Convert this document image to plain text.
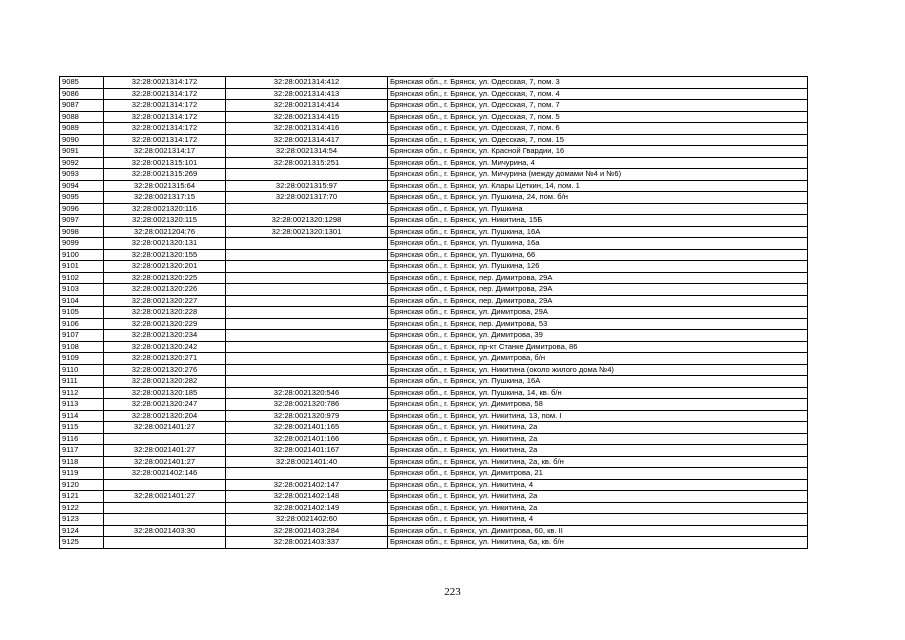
9085	32:28:0021314:172	32:28:0021314:412	Брянская обл., г. Брянск, ул. Одесская, 7, пом. 3
9086	32:28:0021314:172	32:28:0021314:413	Брянская обл., г. Брянск, ул. Одесская, 7, пом. 4
9087	32:28:0021314:172	32:28:0021314:414	Брянская обл., г. Брянск, ул. Одесская, 7, пом. 7
9088	32:28:0021314:172	32:28:0021314:415	Брянская обл., г. Брянск, ул. Одесская, 7, пом. 5
9089	32:28:0021314:172	32:28:0021314:416	Брянская обл., г. Брянск, ул. Одесская, 7, пом. 6
9090	32:28:0021314:172	32:28:0021314:417	Брянская обл., г. Брянск, ул. Одесская, 7, пом. 15
9091	32:28:0021314:17	32:28:0021314:54	Брянская обл., г. Брянск, ул. Красной Гвардии, 16
9092	32:28:0021315:101	32:28:0021315:251	Брянская обл., г. Брянск, ул. Мичурина, 4
9093	32:28:0021315:269		Брянская обл., г. Брянск, ул. Мичурина (между домами №4 и №6)
9094	32:28:0021315:64	32:28:0021315:97	Брянская обл., г. Брянск, ул. Клары Цеткин, 14, пом. 1
9095	32:28:0021317:15	32:28:0021317:70	Брянская обл., г. Брянск, ул. Пушкина, 24, пом. б/н
9096	32:28:0021320:116		Брянская обл., г. Брянск, ул. Пушкина
9097	32:28:0021320:115	32:28:0021320:1298	Брянская обл., г. Брянск, ул. Никитина, 15Б
9098	32:28:0021204:76	32:28:0021320:1301	Брянская обл., г. Брянск, ул. Пушкина, 16А
9099	32:28:0021320:131		Брянская обл., г. Брянск, ул. Пушкина, 16а
9100	32:28:0021320:155		Брянская обл., г. Брянск, ул. Пушкина, 66
9101	32:28:0021320:201		Брянская обл., г. Брянск, ул. Пушкина, 126
9102	32:28:0021320:225		Брянская обл., г. Брянск, пер. Димитрова, 29А
9103	32:28:0021320:226		Брянская обл., г. Брянск, пер. Димитрова, 29А
9104	32:28:0021320:227		Брянская обл., г. Брянск, пер. Димитрова, 29А
9105	32:28:0021320:228		Брянская обл., г. Брянск, ул. Димитрова, 29А
9106	32:28:0021320:229		Брянская обл., г. Брянск, пер. Димитрова, 53
9107	32:28:0021320:234		Брянская обл., г. Брянск, ул. Димитрова, 39
9108	32:28:0021320:242		Брянская обл., г. Брянск, пр-кт Станке Димитрова, 86
9109	32:28:0021320:271		Брянская обл., г. Брянск, ул. Димитрова, б/н
9110	32:28:0021320:276		Брянская обл., г. Брянск, ул. Никитина (около жилого дома №4)
9111	32:28:0021320:282		Брянская обл., г. Брянск, ул. Пушкина, 16А
9112	32:28:0021320:185	32:28:0021320:546	Брянская обл., г. Брянск, ул. Пушкина, 14, кв. б/н
9113	32:28:0021320:247	32:28:0021320:786	Брянская обл., г. Брянск, ул. Димитрова, 58
9114	32:28:0021320:204	32:28:0021320:979	Брянская обл., г. Брянск, ул. Никитина, 13, пом. I
9115	32:28:0021401:27	32:28:0021401:165	Брянская обл., г. Брянск, ул. Никитина, 2а
9116		32:28:0021401:166	Брянская обл., г. Брянск, ул. Никитина, 2а
9117	32:28:0021401:27	32:28:0021401:167	Брянская обл., г. Брянск, ул. Никитина, 2а
9118	32:28:0021401:27	32:28:0021401:40	Брянская обл., г. Брянск, ул. Никитина, 2а, кв. б/н
9119	32:28:0021402:146		Брянская обл., г. Брянск, ул. Димитрова, 21
9120		32:28:0021402:147	Брянская обл., г. Брянск, ул. Никитина, 4
9121	32:28:0021401:27	32:28:0021402:148	Брянская обл., г. Брянск, ул. Никитина, 2а
9122		32:28:0021402:149	Брянская обл., г. Брянск, ул. Никитина, 2а
9123		32:28:0021402:60	Брянская обл., г. Брянск, ул. Никитина, 4
9124	32:28:0021403:30	32:28:0021403:284	Брянская обл., г. Брянск, ул. Димитрова, 60, кв. II
9125		32:28:0021403:337	Брянская обл., г. Брянск, ул. Никитина, 6а, кв. б/н
223
